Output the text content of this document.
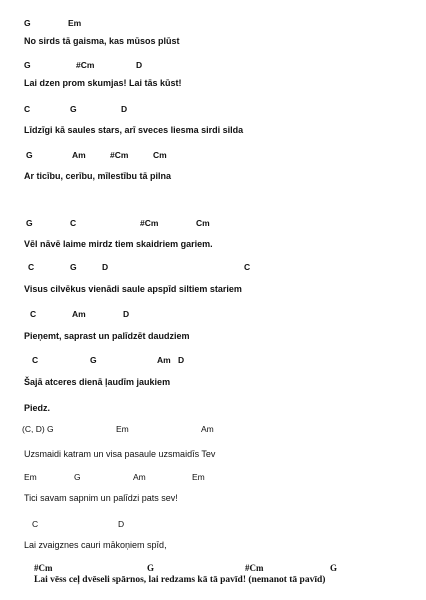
G	Em
No sirds tā gaisma, kas mūsos plūst
G	#Cm	D
Lai dzen prom skumjas! Lai tās kūst!
C	G	D
Līdzīgi kā saules stars, arī sveces liesma sirdi silda
G	Am	#Cm	Cm
Ar ticību, cerību, mīlestību tā pilna
G	C	#Cm	Cm
Vēl nāvē laime mirdz tiem skaidriem gariem.
C	G	D	C
Visus cilvēkus vienādi saule apspīd siltiem stariem
C	Am	D
Pieņemt, saprast un palīdzēt daudziem
C	G	Am D
Šajā atceres dienā ļaudīm jaukiem
Piedz.
(C, D) G	Em	Am
Uzsmaidi katram un visa pasaule uzsmaidīs Tev
Em	G	Am	Em
Tici savam sapnim un palīdzi pats sev!
C	D
Lai zvaigznes cauri mākoņiem spīd,
#Cm	G	#Cm	G
Lai vēss ceļ dvēseli spārnos, lai redzams kā tā pavīd! (nemanot tā pavīd)
